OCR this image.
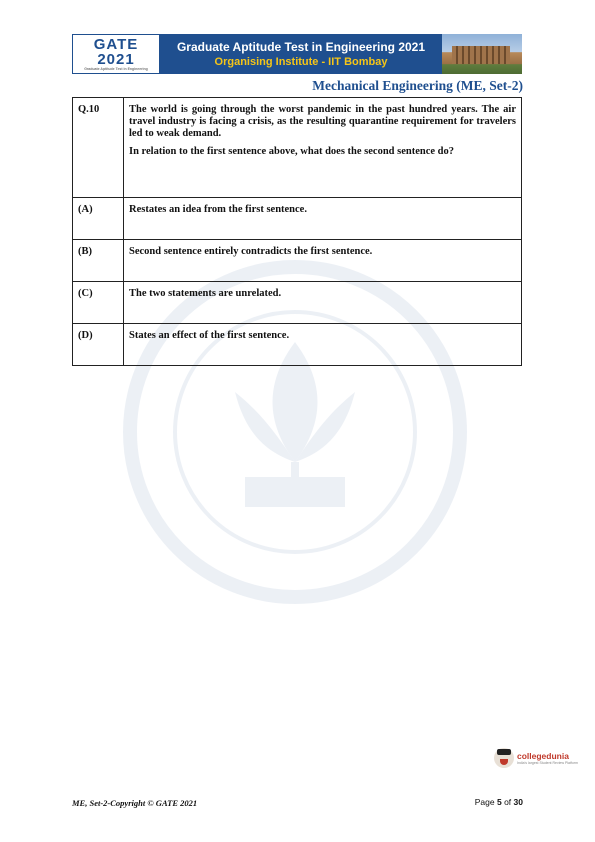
GATE
2021
Graduate Aptitude Test in Engineering
Graduate Aptitude Test in Engineering 2021
Organising Institute - IIT Bombay
Mechanical Engineering (ME, Set-2)
Q.10	The world is going through the worst pandemic in the past hundred years. The air travel industry is facing a crisis, as the resulting quarantine requirement for travelers led to weak demand.

In relation to the first sentence above, what does the second sentence do?

(A)	Restates an idea from the first sentence.
(B)	Second sentence entirely contradicts the first sentence.
(C)	The two statements are unrelated.
(D)	States an effect of the first sentence.
collegedunia
India's largest Student Review Platform
ME, Set-2-Copyright © GATE 2021	Page 5 of 30
